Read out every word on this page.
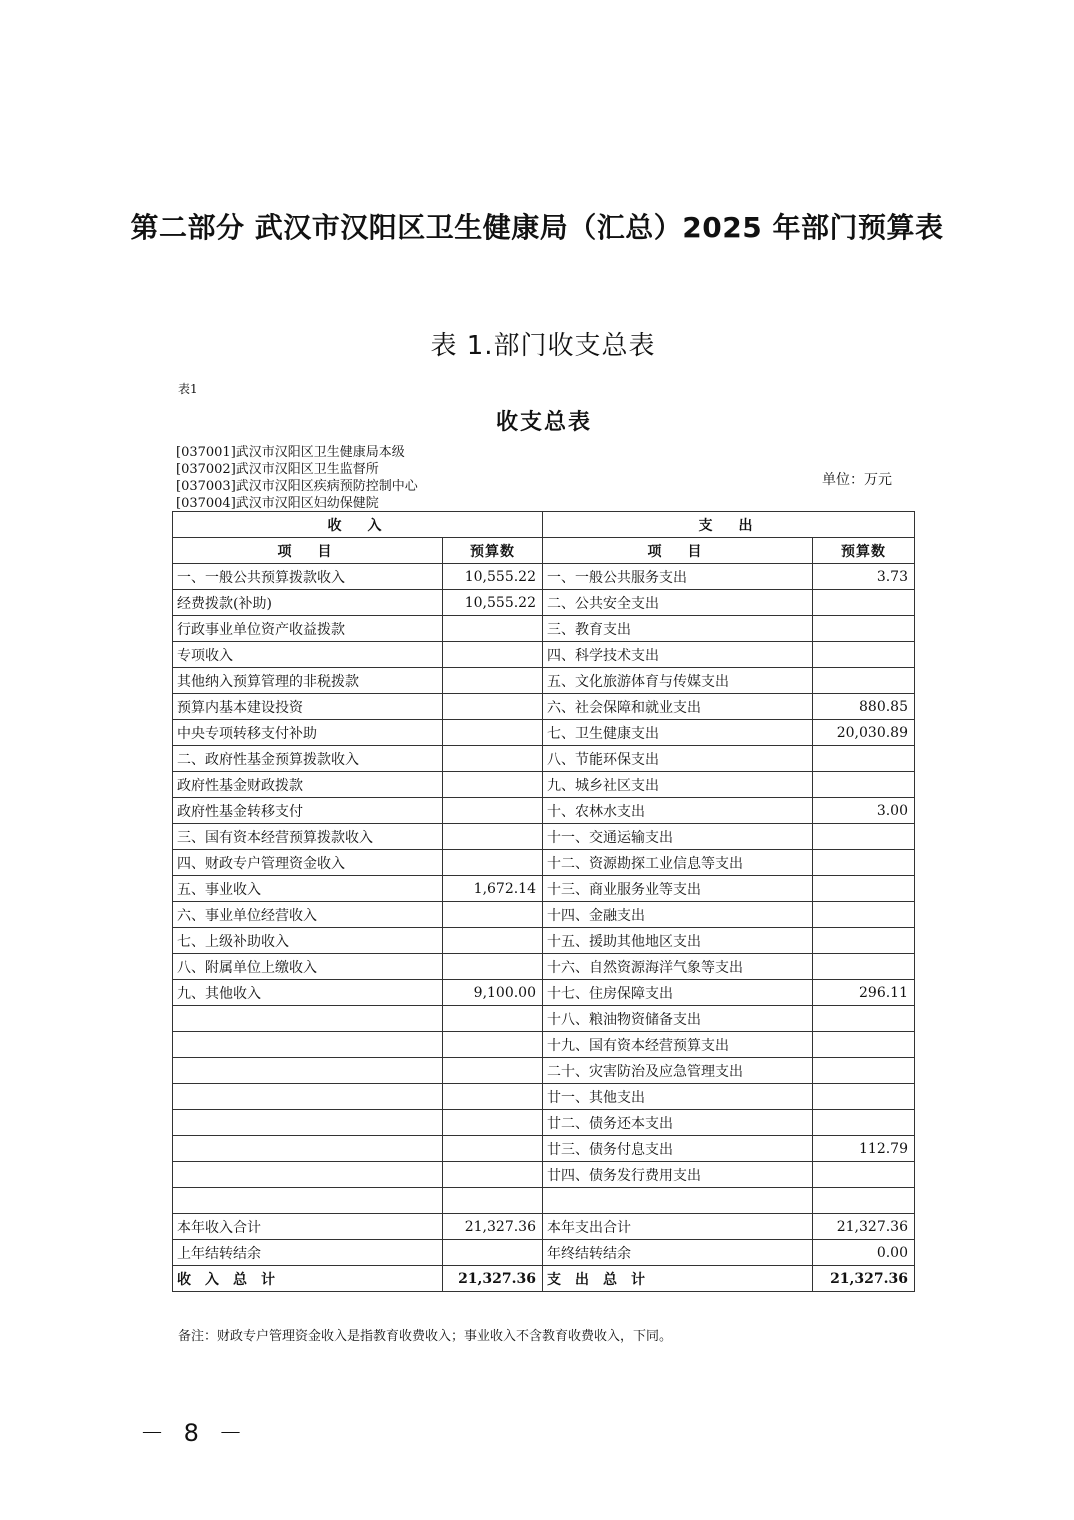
第二部分 武汉市汉阳区卫生健康局（汇总）2025 年部门预算表
表 1.部门收支总表
表1
收支总表
[037001]武汉市汉阳区卫生健康局本级
[037002]武汉市汉阳区卫生监督所
[037003]武汉市汉阳区疾病预防控制中心
[037004]武汉市汉阳区妇幼保健院
单位：万元
收　入		支　出	
项　目	预算数	项　目	预算数
一、一般公共预算拨款收入	10,555.22	一、一般公共服务支出	3.73
经费拨款(补助)	10,555.22	二、公共安全支出	
行政事业单位资产收益拨款		三、教育支出	
专项收入		四、科学技术支出	
其他纳入预算管理的非税拨款		五、文化旅游体育与传媒支出	
预算内基本建设投资		六、社会保障和就业支出	880.85
中央专项转移支付补助		七、卫生健康支出	20,030.89
二、政府性基金预算拨款收入		八、节能环保支出	
政府性基金财政拨款		九、城乡社区支出	
政府性基金转移支付		十、农林水支出	3.00
三、国有资本经营预算拨款收入		十一、交通运输支出	
四、财政专户管理资金收入		十二、资源勘探工业信息等支出	
五、事业收入	1,672.14	十三、商业服务业等支出	
六、事业单位经营收入		十四、金融支出	
七、上级补助收入		十五、援助其他地区支出	
八、附属单位上缴收入		十六、自然资源海洋气象等支出	
九、其他收入	9,100.00	十七、住房保障支出	296.11
		十八、粮油物资储备支出	
		十九、国有资本经营预算支出	
		二十、灾害防治及应急管理支出	
		廿一、其他支出	
		廿二、债务还本支出	
		廿三、债务付息支出	112.79
		廿四、债务发行费用支出	

本年收入合计	21,327.36	本年支出合计	21,327.36
上年结转结余		年终结转结余	0.00
收　入　总　计	21,327.36	支　出　总　计	21,327.36
备注：财政专户管理资金收入是指教育收费收入；事业收入不含教育收费收入，下同。
－ 8 －
